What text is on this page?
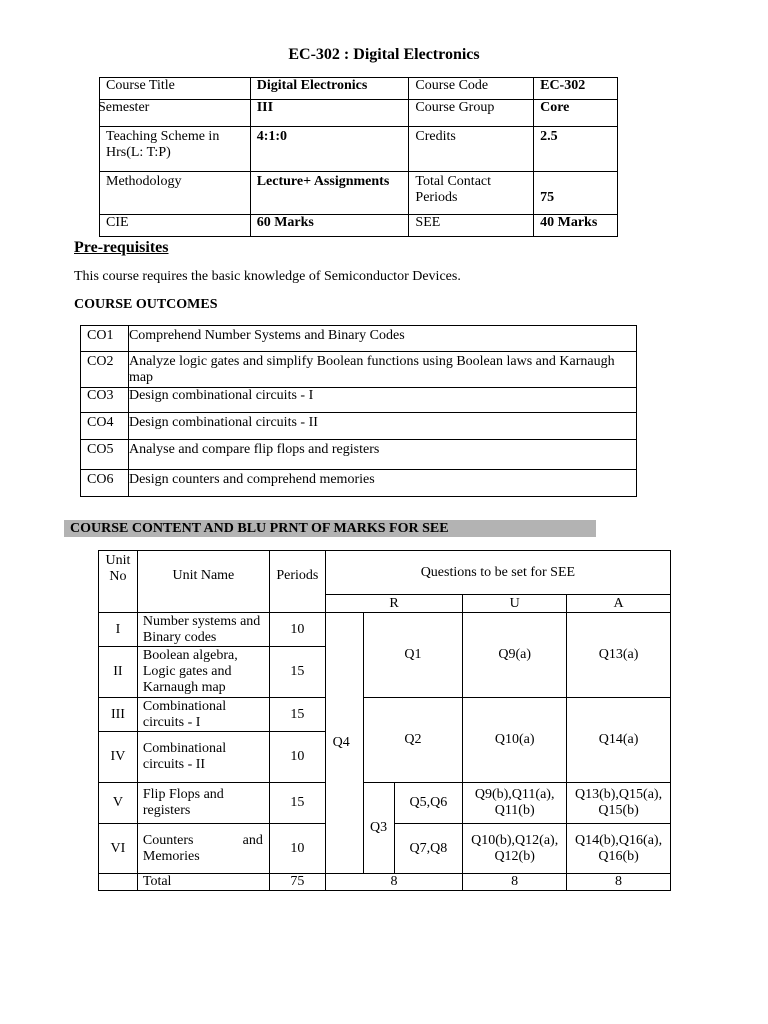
EC-302 : Digital Electronics
Course Title	Digital Electronics	Course Code	EC-302
Semester	III	Course Group	Core
Teaching Scheme in Hrs(L: T:P)	4:1:0	Credits	2.5
Methodology	Lecture+ Assignments	Total Contact Periods	75
CIE	60 Marks	SEE	40 Marks
Pre-requisites
This course requires the basic knowledge of Semiconductor Devices.
COURSE OUTCOMES
CO1	Comprehend Number Systems and Binary Codes
CO2	Analyze logic gates and simplify Boolean functions using Boolean laws and Karnaugh map
CO3	Design combinational circuits - I
CO4	Design combinational circuits - II
CO5	Analyse and compare flip flops and registers
CO6	Design counters and comprehend memories
COURSE CONTENT AND BLU PRNT OF MARKS FOR SEE
Unit No	Unit Name	Periods	Questions to be set for SEE				
			R			U	A
I	Number systems and Binary codes	10	Q4	Q1		Q9(a)	Q13(a)
II	Boolean algebra, Logic gates and Karnaugh map	15					
III	Combinational circuits - I	15		Q2		Q10(a)	Q14(a)
IV	Combinational circuits - II	10					
V	Flip Flops and registers	15		Q3	Q5,Q6	Q9(b),Q11(a), Q11(b)	Q13(b),Q15(a), Q15(b)
VI	Counters and Memories	10			Q7,Q8	Q10(b),Q12(a), Q12(b)	Q14(b),Q16(a), Q16(b)
	Total	75	8			8	8
